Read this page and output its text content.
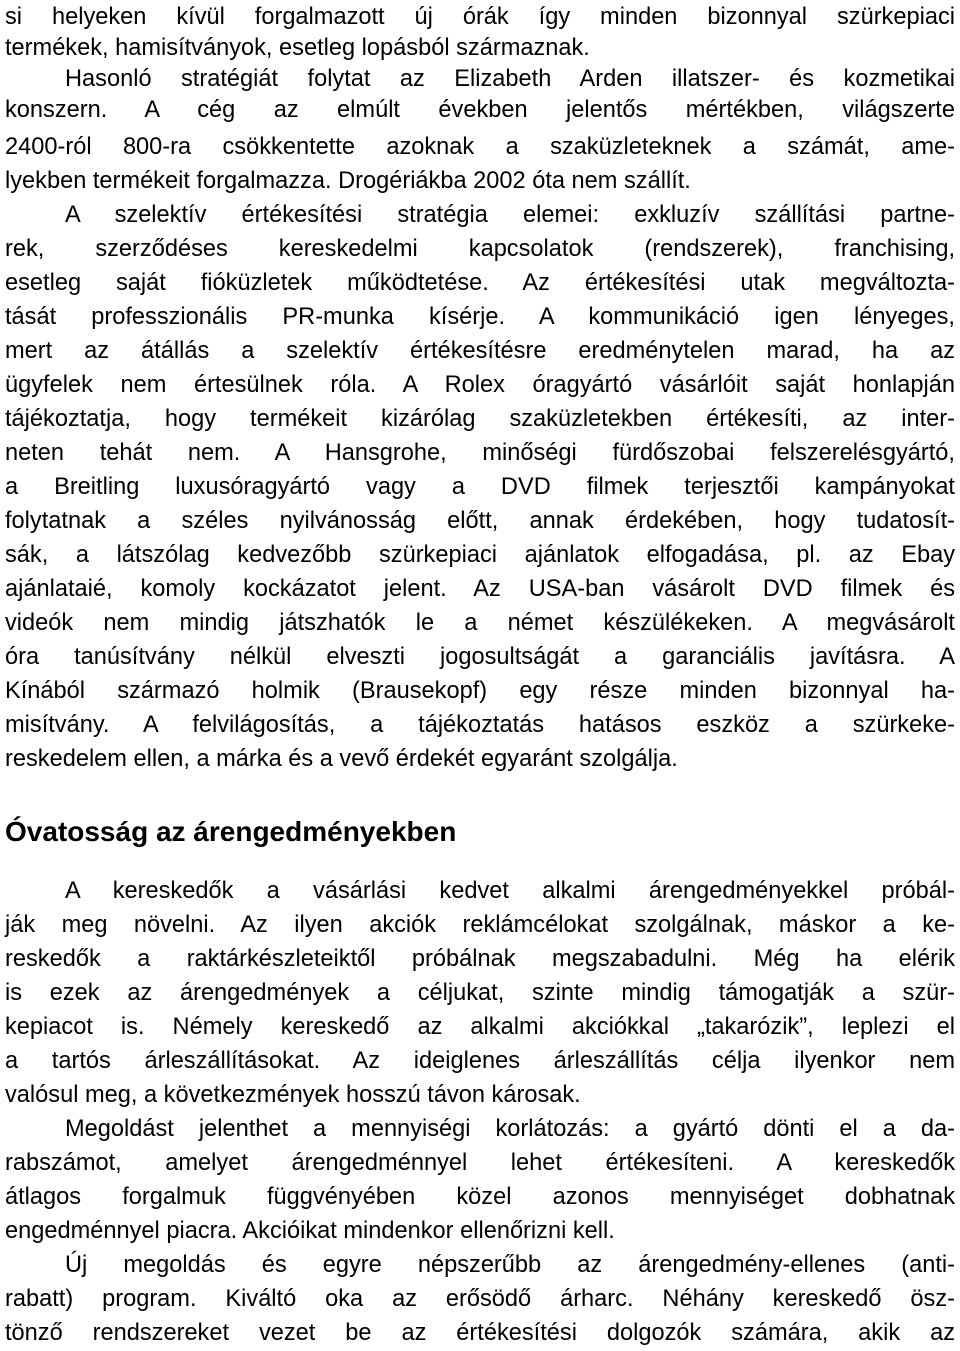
si helyeken kívül forgalmazott új órák így minden bizonnyal szürkepiaci
termékek, hamisítványok, esetleg lopásból származnak.
Hasonló stratégiát folytat az Elizabeth Arden illatszer- és kozmetikai
konszern. A cég az elmúlt években jelentős mértékben, világszerte
2400-ról 800-ra csökkentette azoknak a szaküzleteknek a számát, ame-
lyekben termékeit forgalmazza. Drogériákba 2002 óta nem szállít.
A szelektív értékesítési stratégia elemei: exkluzív szállítási partne-
rek, szerződéses kereskedelmi kapcsolatok (rendszerek), franchising,
esetleg saját fióküzletek működtetése. Az értékesítési utak megváltozta-
tását professzionális PR-munka kísérje. A kommunikáció igen lényeges,
mert az átállás a szelektív értékesítésre eredménytelen marad, ha az
ügyfelek nem értesülnek róla. A Rolex óragyártó vásárlóit saját honlapján
tájékoztatja, hogy termékeit kizárólag szaküzletekben értékesíti, az inter-
neten tehát nem. A Hansgrohe, minőségi fürdőszobai felszerelésgyártó,
a Breitling luxusóragyártó vagy a DVD filmek terjesztői kampányokat
folytatnak a széles nyilvánosság előtt, annak érdekében, hogy tudatosít-
sák, a látszólag kedvezőbb szürkepiaci ajánlatok elfogadása, pl. az Ebay
ajánlataié, komoly kockázatot jelent. Az USA-ban vásárolt DVD filmek és
videók nem mindig játszhatók le a német készülékeken. A megvásárolt
óra tanúsítvány nélkül elveszti jogosultságát a garanciális javításra. A
Kínából származó holmik (Brausekopf) egy része minden bizonnyal ha-
misítvány. A felvilágosítás, a tájékoztatás hatásos eszköz a szürkeke-
reskedelem ellen, a márka és a vevő érdekét egyaránt szolgálja.
Óvatosság az árengedményekben
A kereskedők a vásárlási kedvet alkalmi árengedményekkel próbál-
ják meg növelni. Az ilyen akciók reklámcélokat szolgálnak, máskor a ke-
reskedők a raktárkészleteiktől próbálnak megszabadulni. Még ha elérik
is ezek az árengedmények a céljukat, szinte mindig támogatják a szür-
kepiacot is. Némely kereskedő az alkalmi akciókkal „takarózik”, leplezi el
a tartós árleszállításokat. Az ideiglenes árleszállítás célja ilyenkor nem
valósul meg, a következmények hosszú távon károsak.
Megoldást jelenthet a mennyiségi korlátozás: a gyártó dönti el a da-
rabszámot, amelyet árengedménnyel lehet értékesíteni. A kereskedők
átlagos forgalmuk függvényében közel azonos mennyiséget dobhatnak
engedménnyel piacra. Akcióikat mindenkor ellenőrizni kell.
Új megoldás és egyre népszerűbb az árengedmény-ellenes (anti-
rabatt) program. Kiváltó oka az erősödő árharc. Néhány kereskedő ösz-
tönző rendszereket vezet be az értékesítési dolgozók számára, akik az
